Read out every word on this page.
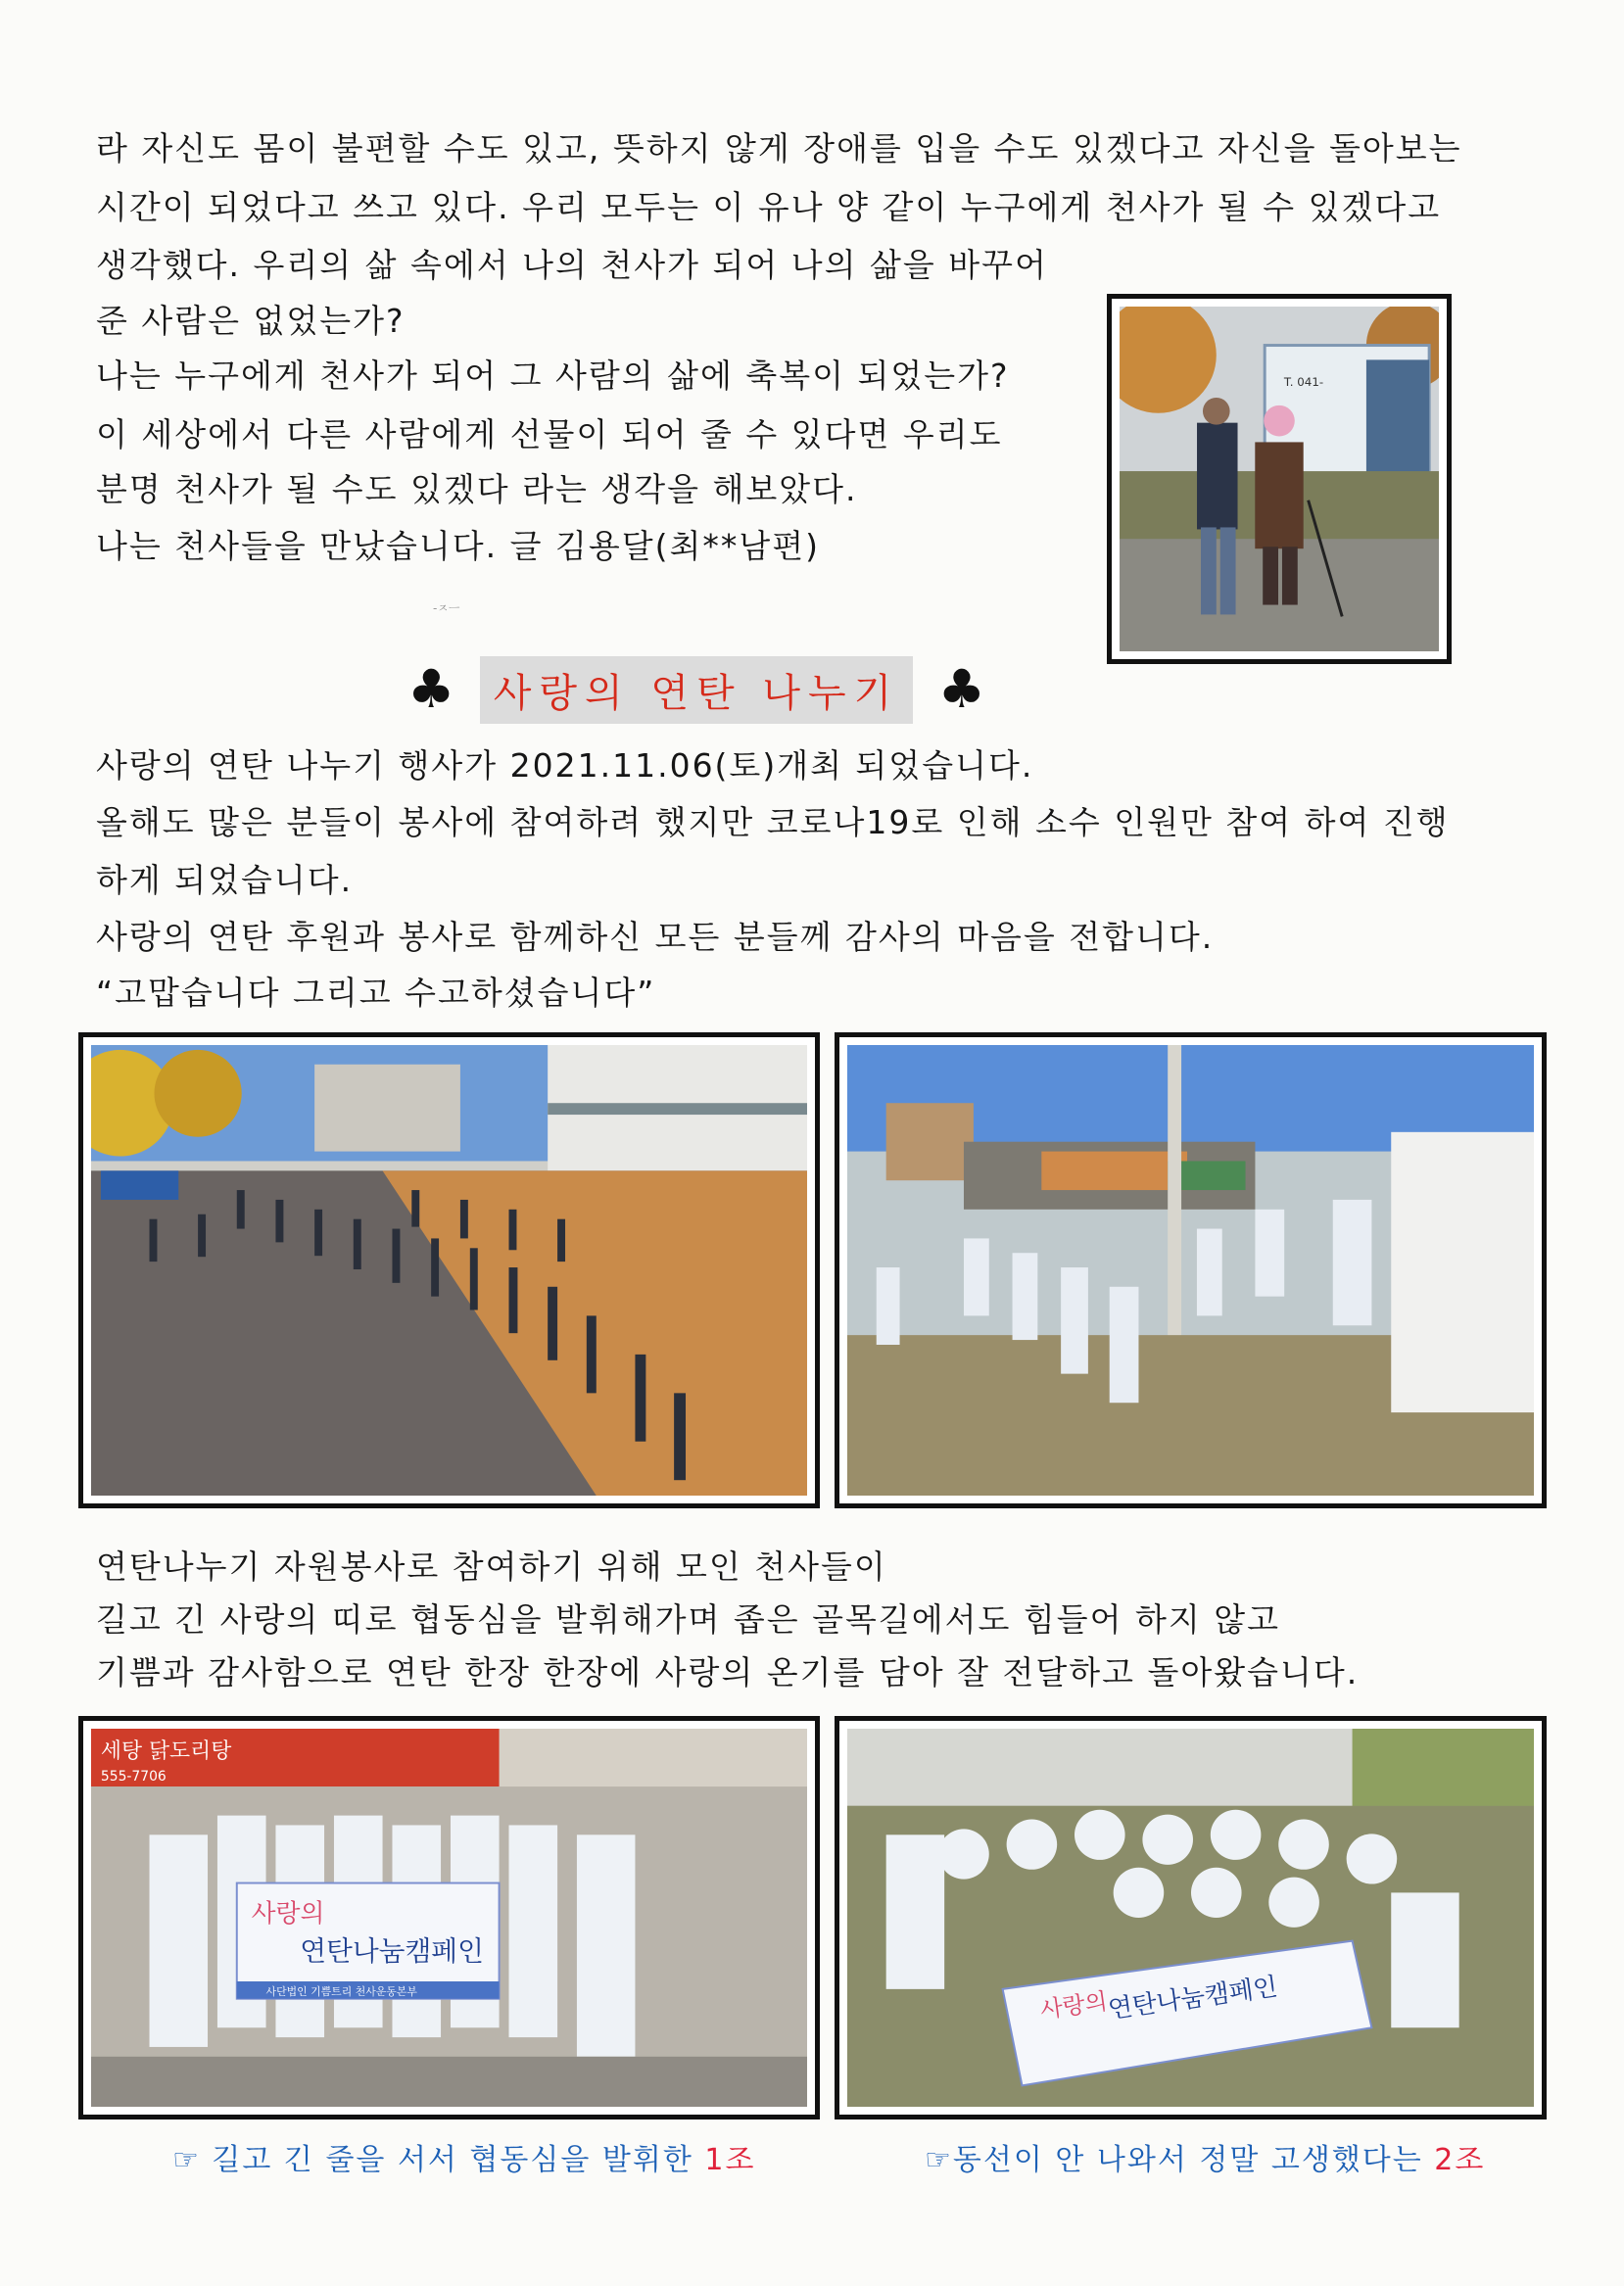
라 자신도 몸이 불편할 수도 있고, 뜻하지 않게 장애를 입을 수도 있겠다고 자신을 돌아보는
시간이 되었다고 쓰고 있다. 우리 모두는 이 유나 양 같이 누구에게 천사가 될 수 있겠다고
생각했다. 우리의 삶 속에서 나의 천사가 되어 나의 삶을 바꾸어
준 사람은 없었는가?
나는 누구에게 천사가 되어 그 사람의 삶에 축복이 되었는가?
이 세상에서 다른 사람에게 선물이 되어 줄 수 있다면 우리도
분명 천사가 될 수도 있겠다 라는 생각을 해보았다.
나는 천사들을 만났습니다. 글 김용달(최**남편)
-ㅈㅡ
T. 041-
♣ 사랑의 연탄 나누기 ♣
사랑의 연탄 나누기 행사가 2021.11.06(토)개최 되었습니다.
올해도 많은 분들이 봉사에 참여하려 했지만 코로나19로 인해 소수 인원만 참여 하여 진행
하게 되었습니다.
사랑의 연탄 후원과 봉사로 함께하신 모든 분들께 감사의 마음을 전합니다.
“고맙습니다 그리고 수고하셨습니다”
연탄나누기 자원봉사로 참여하기 위해 모인 천사들이
길고 긴 사랑의 띠로 협동심을 발휘해가며 좁은 골목길에서도 힘들어 하지 않고
기쁨과 감사함으로 연탄 한장 한장에 사랑의 온기를 담아 잘 전달하고 돌아왔습니다.
세탕 닭도리탕
555-7706
사랑의
연탄나눔캠페인
사단법인 기쁨트리 천사운동본부	사랑의
연탄나눔캠페인
☞ 길고 긴 줄을 서서 협동심을 발휘한 1조	☞동선이 안 나와서 정말 고생했다는 2조
